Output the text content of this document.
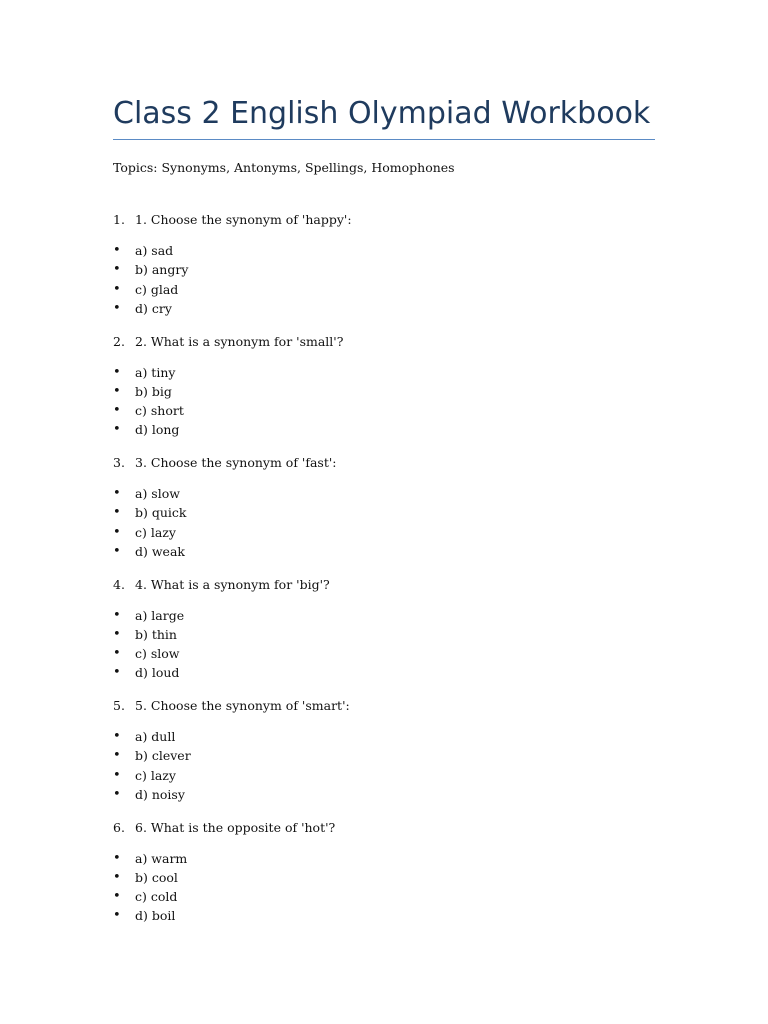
Class 2 English Olympiad Workbook

Topics: Synonyms, Antonyms, Spellings, Homophones

1. 1. Choose the synonym of 'happy':
•	a) sad
•	b) angry
•	c) glad
•	d) cry
2. 2. What is a synonym for 'small'?
•	a) tiny
•	b) big
•	c) short
•	d) long
3. 3. Choose the synonym of 'fast':
•	a) slow
•	b) quick
•	c) lazy
•	d) weak
4. 4. What is a synonym for 'big'?
•	a) large
•	b) thin
•	c) slow
•	d) loud
5. 5. Choose the synonym of 'smart':
•	a) dull
•	b) clever
•	c) lazy
•	d) noisy
6. 6. What is the opposite of 'hot'?
•	a) warm
•	b) cool
•	c) cold
•	d) boil
